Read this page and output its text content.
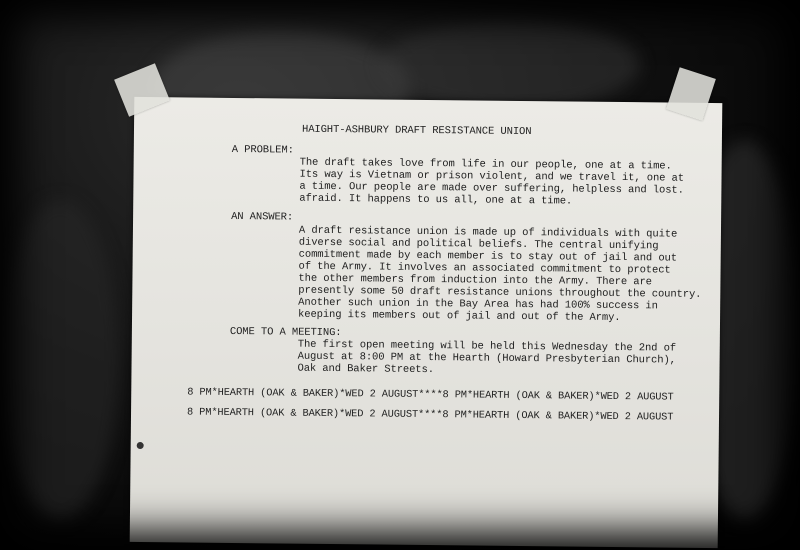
HAIGHT-ASHBURY DRAFT RESISTANCE UNION
A PROBLEM:
The draft takes love from life in our people, one at a time.
Its way is Vietnam or prison violent, and we travel it, one at
a time. Our people are made over suffering, helpless and lost.
afraid. It happens to us all, one at a time.
AN ANSWER:
A draft resistance union is made up of individuals with quite
diverse social and political beliefs. The central unifying
commitment made by each member is to stay out of jail and out
of the Army. It involves an associated commitment to protect
the other members from induction into the Army. There are
presently some 50 draft resistance unions throughout the country.
Another such union in the Bay Area has had 100% success in
keeping its members out of jail and out of the Army.
COME TO A MEETING:
The first open meeting will be held this Wednesday the 2nd of
August at 8:00 PM at the Hearth (Howard Presbyterian Church),
Oak and Baker Streets.
8 PM*HEARTH (OAK & BAKER)*WED 2 AUGUST****8 PM*HEARTH (OAK & BAKER)*WED 2 AUGUST
8 PM*HEARTH (OAK & BAKER)*WED 2 AUGUST****8 PM*HEARTH (OAK & BAKER)*WED 2 AUGUST
